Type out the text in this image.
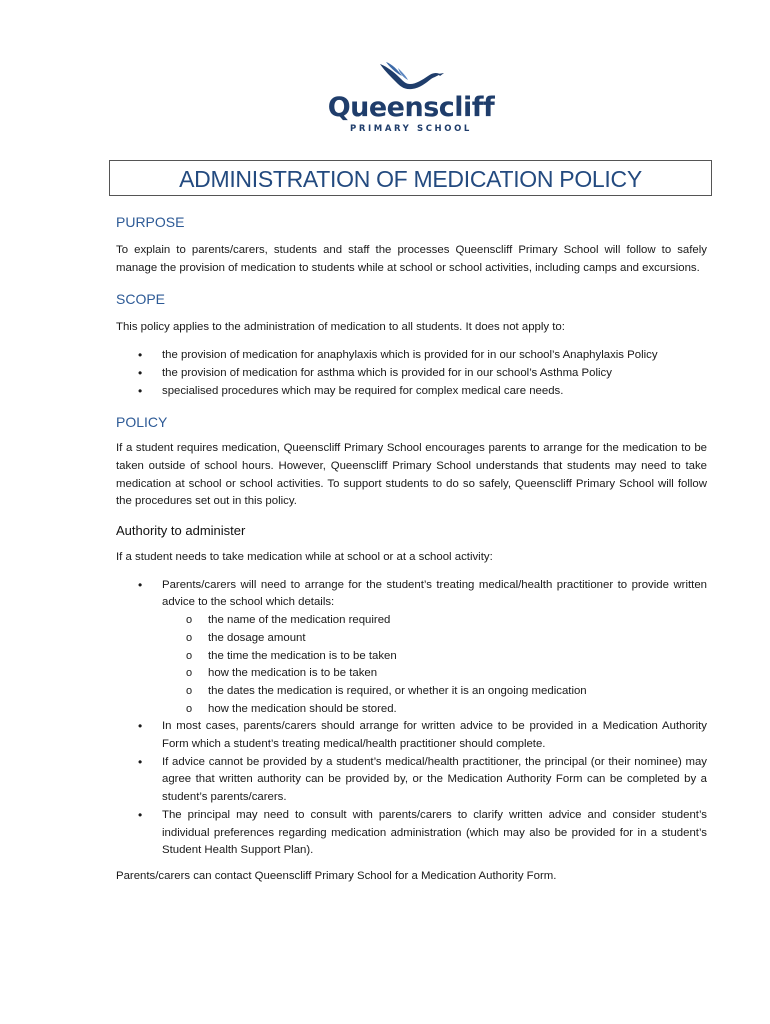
Queenscliff
PRIMARY SCHOOL
ADMINISTRATION OF MEDICATION POLICY
PURPOSE

To explain to parents/carers, students and staff the processes Queenscliff Primary School will follow to safely manage the provision of medication to students while at school or school activities, including camps and excursions.

SCOPE

This policy applies to the administration of medication to all students. It does not apply to:

• the provision of medication for anaphylaxis which is provided for in our school’s Anaphylaxis Policy
• the provision of medication for asthma which is provided for in our school’s Asthma Policy
• specialised procedures which may be required for complex medical care needs.
POLICY

If a student requires medication, Queenscliff Primary School encourages parents to arrange for the medication to be taken outside of school hours. However, Queenscliff Primary School understands that students may need to take medication at school or school activities. To support students to do so safely, Queenscliff Primary School will follow the procedures set out in this policy.

Authority to administer

If a student needs to take medication while at school or at a school activity:

• Parents/carers will need to arrange for the student’s treating medical/health practitioner to provide written advice to the school which details:
o the name of the medication required
o the dosage amount
o the time the medication is to be taken
o how the medication is to be taken
o the dates the medication is required, or whether it is an ongoing medication
o how the medication should be stored.
• In most cases, parents/carers should arrange for written advice to be provided in a Medication Authority Form which a student’s treating medical/health practitioner should complete.
• If advice cannot be provided by a student’s medical/health practitioner, the principal (or their nominee) may agree that written authority can be provided by, or the Medication Authority Form can be completed by a student’s parents/carers.
• The principal may need to consult with parents/carers to clarify written advice and consider student’s individual preferences regarding medication administration (which may also be provided for in a student’s Student Health Support Plan).

Parents/carers can contact Queenscliff Primary School for a Medication Authority Form.
